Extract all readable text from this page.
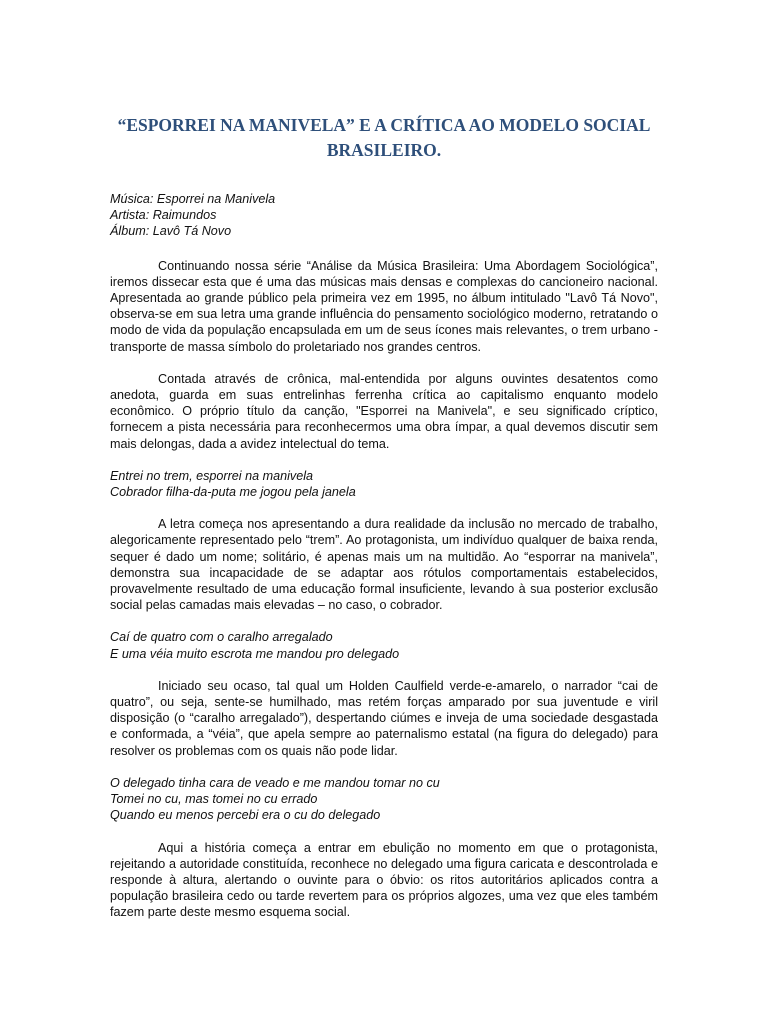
“ESPORREI NA MANIVELA” E A CRÍTICA AO MODELO SOCIAL
BRASILEIRO.
Música: Esporrei na Manivela
Artista: Raimundos
Álbum: Lavô Tá Novo

Continuando nossa série “Análise da Música Brasileira: Uma Abordagem Sociológica”, iremos dissecar esta que é uma das músicas mais densas e complexas do cancioneiro nacional. Apresentada ao grande público pela primeira vez em 1995, no álbum intitulado "Lavô Tá Novo", observa-se em sua letra uma grande influência do pensamento sociológico moderno, retratando o modo de vida da população encapsulada em um de seus ícones mais relevantes, o trem urbano - transporte de massa símbolo do proletariado nos grandes centros.

Contada através de crônica, mal-entendida por alguns ouvintes desatentos como anedota, guarda em suas entrelinhas ferrenha crítica ao capitalismo enquanto modelo econômico. O próprio título da canção, "Esporrei na Manivela", e seu significado críptico, fornecem a pista necessária para reconhecermos uma obra ímpar, a qual devemos discutir sem mais delongas, dada a avidez intelectual do tema.

Entrei no trem, esporrei na manivela
Cobrador filha-da-puta me jogou pela janela

A letra começa nos apresentando a dura realidade da inclusão no mercado de trabalho, alegoricamente representado pelo “trem”. Ao protagonista, um indivíduo qualquer de baixa renda, sequer é dado um nome; solitário, é apenas mais um na multidão. Ao “esporrar na manivela”, demonstra sua incapacidade de se adaptar aos rótulos comportamentais estabelecidos, provavelmente resultado de uma educação formal insuficiente, levando à sua posterior exclusão social pelas camadas mais elevadas – no caso, o cobrador.

Caí de quatro com o caralho arregalado
E uma véia muito escrota me mandou pro delegado

Iniciado seu ocaso, tal qual um Holden Caulfield verde-e-amarelo, o narrador “cai de quatro”, ou seja, sente-se humilhado, mas retém forças amparado por sua juventude e viril disposição (o “caralho arregalado”), despertando ciúmes e inveja de uma sociedade desgastada e conformada, a “véia”, que apela sempre ao paternalismo estatal (na figura do delegado) para resolver os problemas com os quais não pode lidar.

O delegado tinha cara de veado e me mandou tomar no cu
Tomei no cu, mas tomei no cu errado
Quando eu menos percebi era o cu do delegado

Aqui a história começa a entrar em ebulição no momento em que o protagonista, rejeitando a autoridade constituída, reconhece no delegado uma figura caricata e descontrolada e responde à altura, alertando o ouvinte para o óbvio: os ritos autoritários aplicados contra a população brasileira cedo ou tarde revertem para os próprios algozes, uma vez que eles também fazem parte deste mesmo esquema social.
